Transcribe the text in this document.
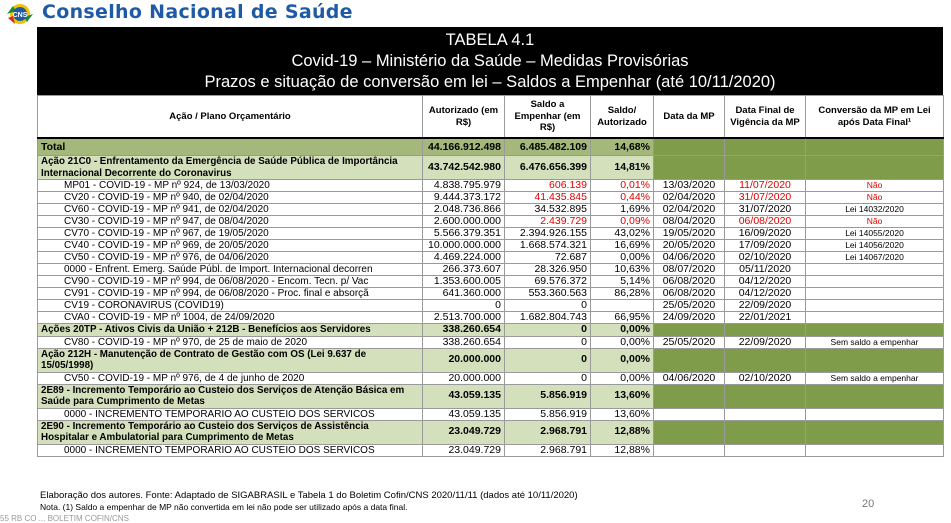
CNS Conselho Nacional de Saúde
TABELA 4.1
Covid-19 – Ministério da Saúde – Medidas Provisórias
Prazos e situação de conversão em lei – Saldos a Empenhar (até 10/11/2020)
Ação / Plano Orçamentário	Autorizado (em R$)	Saldo a Empenhar (em R$)	Saldo/ Autorizado	Data da MP	Data Final de Vigência da MP	Conversão da MP em Lei após Data Final¹
Total	44.166.912.498	6.485.482.109	14,68%			
Ação 21C0 - Enfrentamento da Emergência de Saúde Pública de Importância Internacional Decorrente do Coronavirus	43.742.542.980	6.476.656.399	14,81%			
MP01 - COVID-19 - MP nº 924, de 13/03/2020	4.838.795.979	606.139	0,01%	13/03/2020	11/07/2020	Não
CV20 - COVID-19 - MP nº 940, de 02/04/2020	9.444.373.172	41.435.845	0,44%	02/04/2020	31/07/2020	Não
CV60 - COVID-19 - MP nº 941, de 02/04/2020	2.048.736.866	34.532.895	1,69%	02/04/2020	31/07/2020	Lei 14032/2020
CV30 - COVID-19 - MP nº 947, de 08/04/2020	2.600.000.000	2.439.729	0,09%	08/04/2020	06/08/2020	Não
CV70 - COVID-19 - MP nº 967, de 19/05/2020	5.566.379.351	2.394.926.155	43,02%	19/05/2020	16/09/2020	Lei 14055/2020
CV40 - COVID-19 - MP nº 969, de 20/05/2020	10.000.000.000	1.668.574.321	16,69%	20/05/2020	17/09/2020	Lei 14056/2020
CV50 - COVID-19 - MP nº 976, de 04/06/2020	4.469.224.000	72.687	0,00%	04/06/2020	02/10/2020	Lei 14067/2020
0000 - Enfrent. Emerg. Saúde Públ. de Import. Internacional decorren	266.373.607	28.326.950	10,63%	08/07/2020	05/11/2020	
CV90 - COVID-19 - MP nº 994, de 06/08/2020 - Encom. Tecn. p/ Vac	1.353.600.005	69.576.372	5,14%	06/08/2020	04/12/2020	
CV91 - COVID-19 - MP nº 994, de 06/08/2020 - Proc. final e absorçã	641.360.000	553.360.563	86,28%	06/08/2020	04/12/2020	
CV19 - CORONAVIRUS (COVID19)	0	0		25/05/2020	22/09/2020	
CVA0 - COVID-19 - MP nº 1004, de 24/09/2020	2.513.700.000	1.682.804.743	66,95%	24/09/2020	22/01/2021	
Ações 20TP - Ativos Civis da União + 212B - Benefícios aos Servidores	338.260.654	0	0,00%			
CV80 - COVID-19 - MP nº 970, de 25 de maio de 2020	338.260.654	0	0,00%	25/05/2020	22/09/2020	Sem saldo a empenhar
Ação 212H - Manutenção de Contrato de Gestão com OS (Lei 9.637 de 15/05/1998)	20.000.000	0	0,00%			
CV50 - COVID-19 - MP nº 976, de 4 de junho de 2020	20.000.000	0	0,00%	04/06/2020	02/10/2020	Sem saldo a empenhar
2E89 - Incremento Temporário ao Custeio dos Serviços de Atenção Básica em Saúde para Cumprimento de Metas	43.059.135	5.856.919	13,60%			
0000 - INCREMENTO TEMPORARIO AO CUSTEIO DOS SERVICOS	43.059.135	5.856.919	13,60%			
2E90 - Incremento Temporário ao Custeio dos Serviços de Assistência Hospitalar e Ambulatorial para Cumprimento de Metas	23.049.729	2.968.791	12,88%			
0000 - INCREMENTO TEMPORARIO AO CUSTEIO DOS SERVICOS	23.049.729	2.968.791	12,88%			
Elaboração dos autores. Fonte: Adaptado de SIGABRASIL e Tabela 1 do Boletim Cofin/CNS 2020/11/11 (dados até 10/11/2020)
Nota. (1) Saldo a empenhar de MP não convertida em lei não pode ser utilizado após a data final.	20
55 RB CO ... BOLETIM COFIN/CNS
